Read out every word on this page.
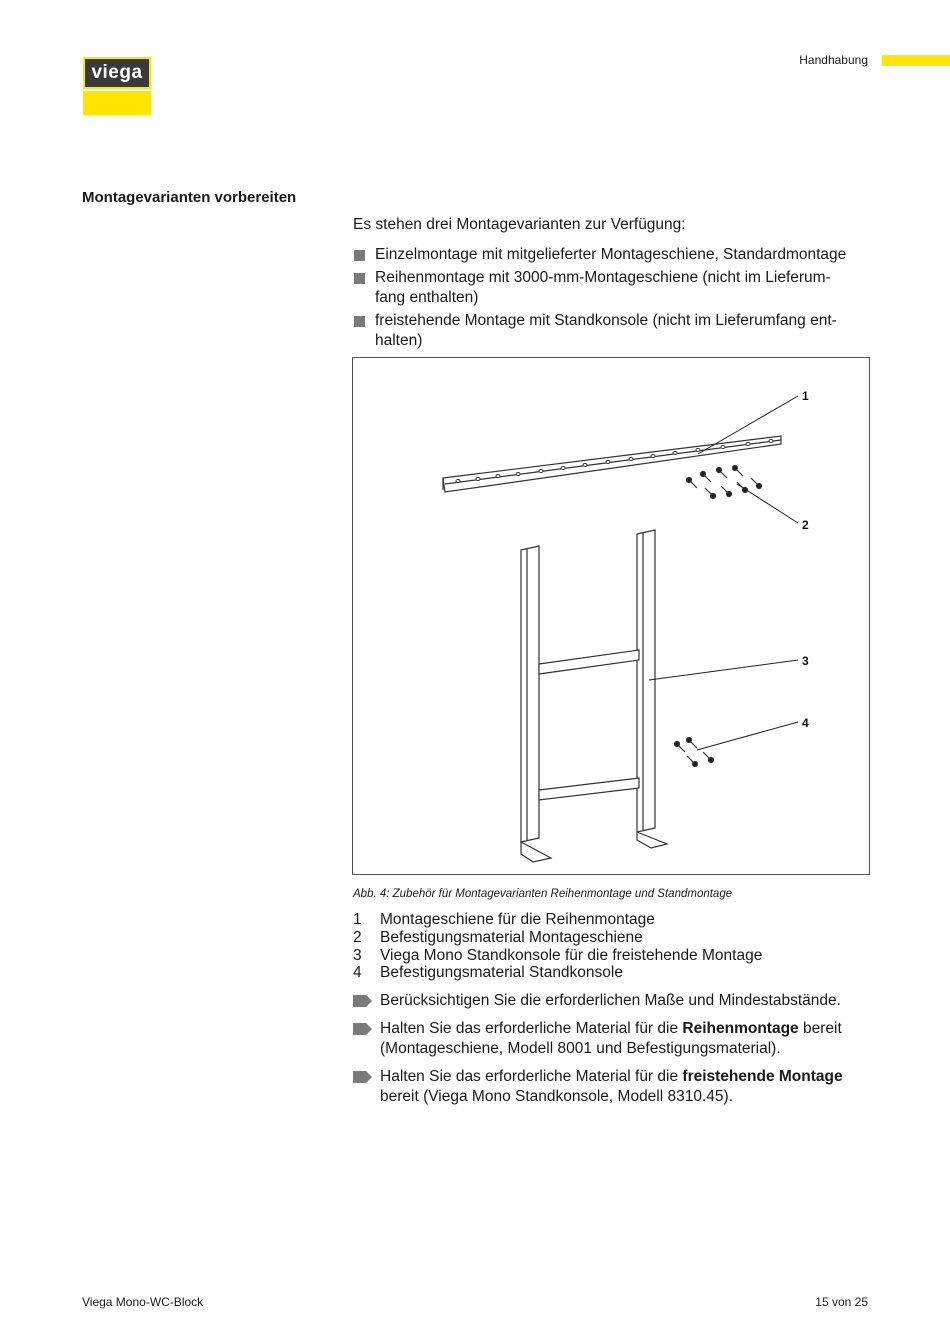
viega
Handhabung
Montagevarianten vorbereiten
Es stehen drei Montagevarianten zur Verfügung:
Einzelmontage mit mitgelieferter Montageschiene, Standardmontage
Reihenmontage mit 3000-mm-Montageschiene (nicht im Lieferum-
fang enthalten)
freistehende Montage mit Standkonsole (nicht im Lieferumfang ent-
halten)
1
2
3
4
Abb. 4: Zubehör für Montagevarianten Reihenmontage und Standmontage
1 Montageschiene für die Reihenmontage
2 Befestigungsmaterial Montageschiene
3 Viega Mono Standkonsole für die freistehende Montage
4 Befestigungsmaterial Standkonsole
Berücksichtigen Sie die erforderlichen Maße und Mindestabstände.
Halten Sie das erforderliche Material für die Reihenmontage bereit (Montageschiene, Modell 8001 und Befestigungsmaterial).
Halten Sie das erforderliche Material für die freistehende Montage bereit (Viega Mono Standkonsole, Modell 8310.45).
Viega Mono-WC-Block	15 von 25
